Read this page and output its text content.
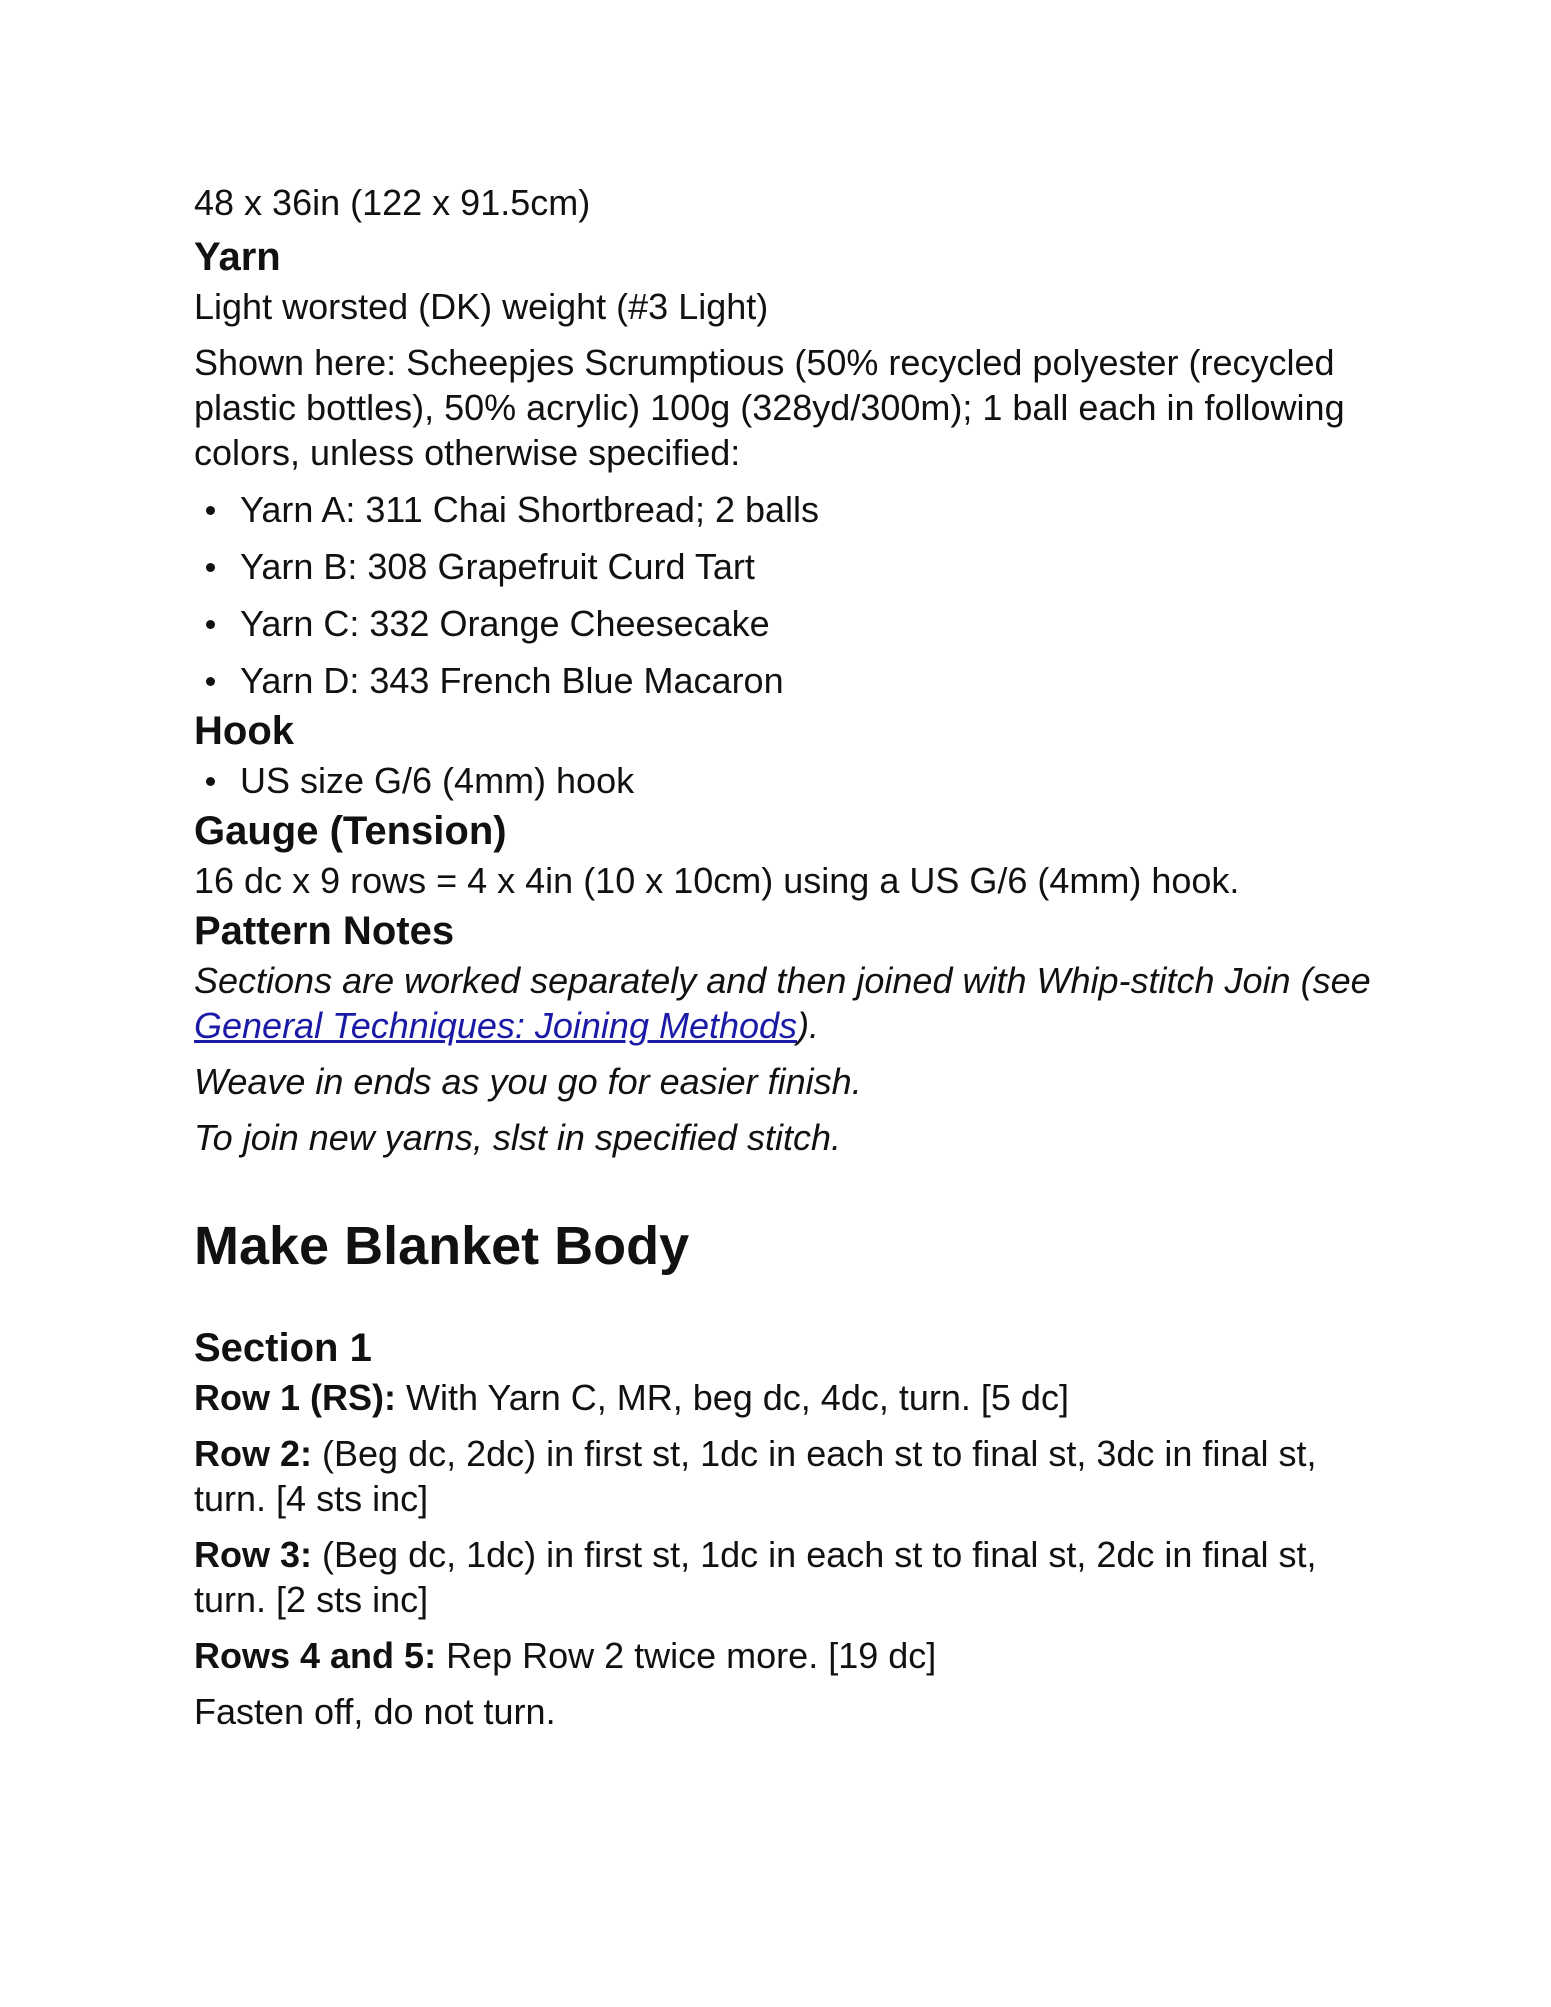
48 x 36in (122 x 91.5cm)

Yarn

Light worsted (DK) weight (#3 Light)

Shown here: Scheepjes Scrumptious (50% recycled polyester (recycled plastic bottles), 50% acrylic) 100g (328yd/300m); 1 ball each in following colors, unless otherwise specified:

Yarn A: 311 Chai Shortbread; 2 balls
Yarn B: 308 Grapefruit Curd Tart
Yarn C: 332 Orange Cheesecake
Yarn D: 343 French Blue Macaron
Hook
US size G/6 (4mm) hook
Gauge (Tension)

16 dc x 9 rows = 4 x 4in (10 x 10cm) using a US G/6 (4mm) hook.

Pattern Notes

Sections are worked separately and then joined with Whip-stitch Join (see General Techniques: Joining Methods).

Weave in ends as you go for easier finish.

To join new yarns, slst in specified stitch.

Make Blanket Body
Section 1

Row 1 (RS): With Yarn C, MR, beg dc, 4dc, turn. [5 dc]

Row 2: (Beg dc, 2dc) in first st, 1dc in each st to final st, 3dc in final st, turn. [4 sts inc]

Row 3: (Beg dc, 1dc) in first st, 1dc in each st to final st, 2dc in final st, turn. [2 sts inc]

Rows 4 and 5: Rep Row 2 twice more. [19 dc]

Fasten off, do not turn.
